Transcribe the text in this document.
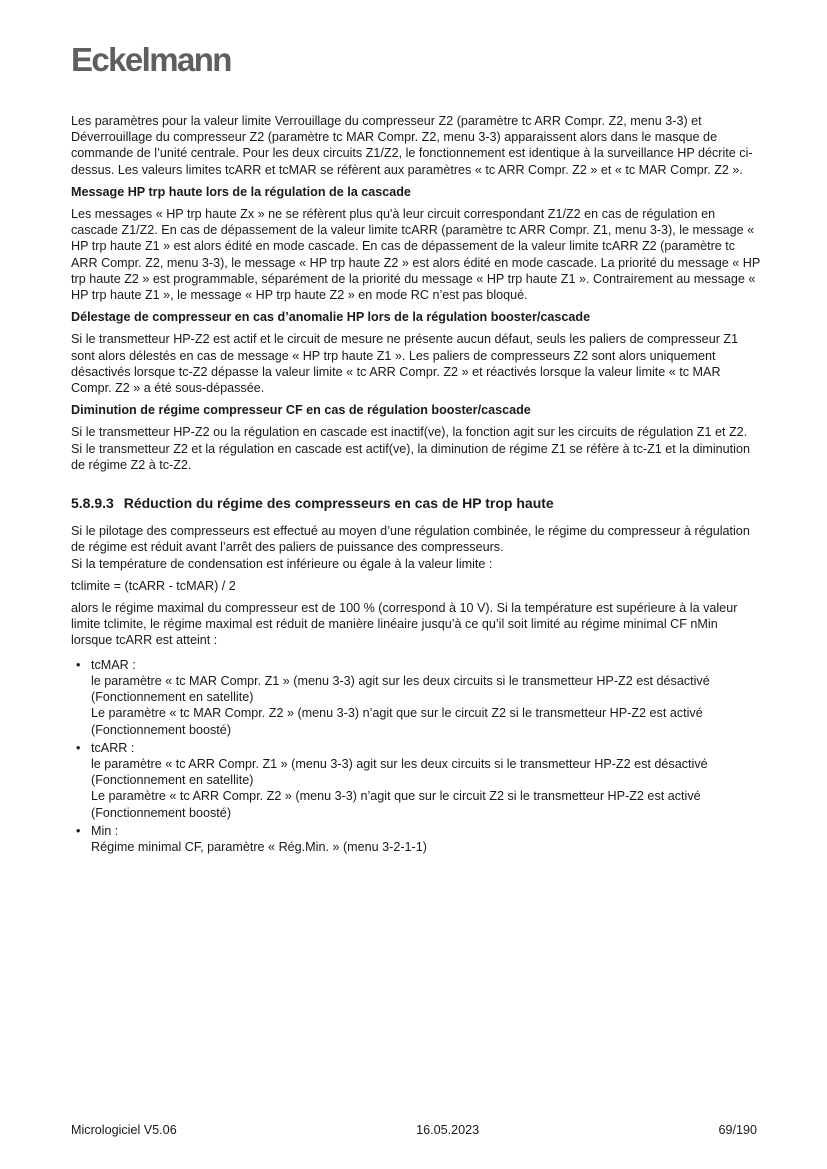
Eckelmann

Les paramètres pour la valeur limite Verrouillage du compresseur Z2 (paramètre tc ARR Compr. Z2, menu 3-3) et Déverrouillage du compresseur Z2 (paramètre tc MAR Compr. Z2, menu 3-3) apparaissent alors dans le masque de commande de l’unité centrale. Pour les deux circuits Z1/Z2, le fonctionnement est identique à la surveillance HP décrite ci-dessus. Les valeurs limites tcARR et tcMAR se réfèrent aux paramètres « tc ARR Compr. Z2 » et « tc MAR Compr. Z2 ».

Message HP trp haute lors de la régulation de la cascade

Les messages « HP trp haute Zx » ne se réfèrent plus qu'à leur circuit correspondant Z1/Z2 en cas de régulation en cascade Z1/Z2. En cas de dépassement de la valeur limite tcARR (paramètre tc ARR Compr. Z1, menu 3-3), le message « HP trp haute Z1 » est alors édité en mode cascade. En cas de dépassement de la valeur limite tcARR Z2 (paramètre tc ARR Compr. Z2, menu 3-3), le message « HP trp haute Z2 » est alors édité en mode cascade. La priorité du message « HP trp haute Z2 » est programmable, séparément de la priorité du message « HP trp haute Z1 ». Contrairement au message « HP trp haute Z1 », le message « HP trp haute Z2 » en mode RC n’est pas bloqué.

Délestage de compresseur en cas d’anomalie HP lors de la régulation booster/cascade

Si le transmetteur HP-Z2 est actif et le circuit de mesure ne présente aucun défaut, seuls les paliers de compresseur Z1 sont alors délestés en cas de message « HP trp haute Z1 ». Les paliers de compresseurs Z2 sont alors uniquement désactivés lorsque tc-Z2 dépasse la valeur limite « tc ARR Compr. Z2 » et réactivés lorsque la valeur limite « tc MAR Compr. Z2 » a été sous-dépassée.

Diminution de régime compresseur CF en cas de régulation booster/cascade

Si le transmetteur HP-Z2 ou la régulation en cascade est inactif(ve), la fonction agit sur les circuits de régulation Z1 et Z2. Si le transmetteur Z2 et la régulation en cascade est actif(ve), la diminution de régime Z1 se réfère à tc-Z1 et la diminution de régime Z2 à tc-Z2.

5.8.9.3 Réduction du régime des compresseurs en cas de HP trop haute

Si le pilotage des compresseurs est effectué au moyen d’une régulation combinée, le régime du compresseur à régulation de régime est réduit avant l’arrêt des paliers de puissance des compresseurs.

Si la température de condensation est inférieure ou égale à la valeur limite :

tclimite = (tcARR - tcMAR) / 2

alors le régime maximal du compresseur est de 100 % (correspond à 10 V). Si la température est supérieure à la valeur limite tclimite, le régime maximal est réduit de manière linéaire jusqu’à ce qu’il soit limité au régime minimal CF nMin lorsque tcARR est atteint :

• tcMAR :
le paramètre « tc MAR Compr. Z1 » (menu 3-3) agit sur les deux circuits si le transmetteur HP-Z2 est désactivé (Fonctionnement en satellite)
Le paramètre « tc MAR Compr. Z2 » (menu 3-3) n’agit que sur le circuit Z2 si le transmetteur HP-Z2 est activé (Fonctionnement boosté)
• tcARR :
le paramètre « tc ARR Compr. Z1 » (menu 3-3) agit sur les deux circuits si le transmetteur HP-Z2 est désactivé (Fonctionnement en satellite)
Le paramètre « tc ARR Compr. Z2 » (menu 3-3) n’agit que sur le circuit Z2 si le transmetteur HP-Z2 est activé (Fonctionnement boosté)
• Min :
Régime minimal CF, paramètre « Rég.Min. » (menu 3-2-1-1)
Micrologiciel V5.06	16.05.2023	69/190
